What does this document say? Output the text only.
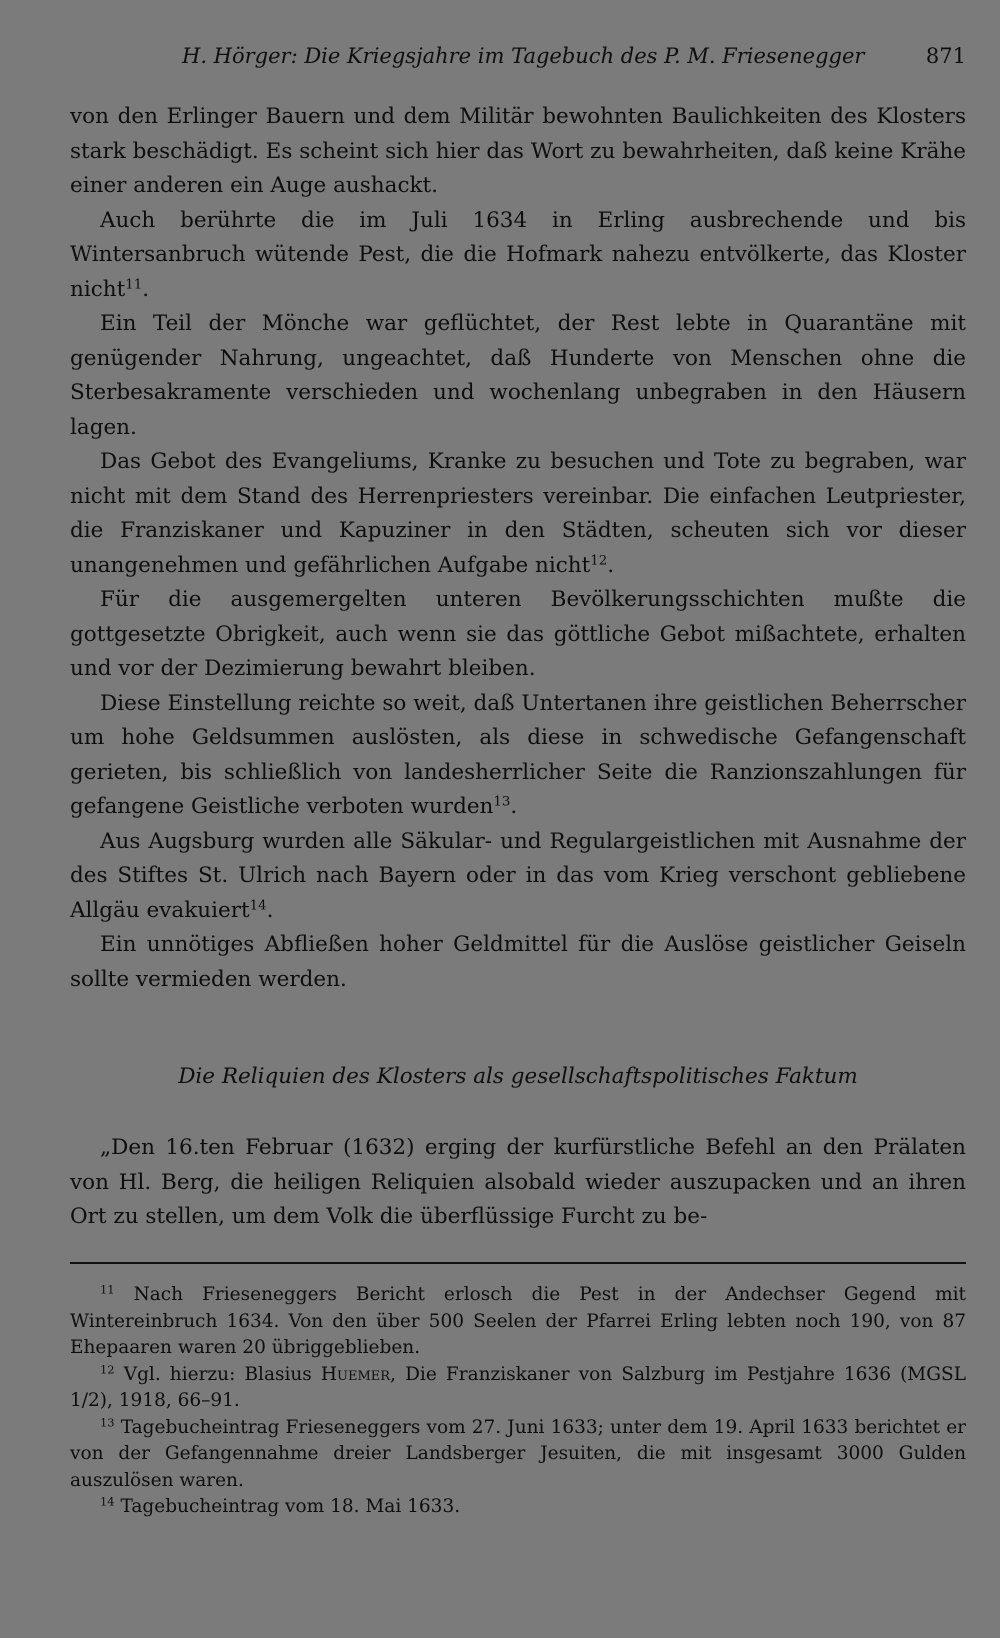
H. Hörger: Die Kriegsjahre im Tagebuch des P. M. Friesenegger	871

von den Erlinger Bauern und dem Militär bewohnten Baulichkeiten des Klosters stark beschädigt. Es scheint sich hier das Wort zu bewahrheiten, daß keine Krähe einer anderen ein Auge aushackt.

Auch berührte die im Juli 1634 in Erling ausbrechende und bis Wintersanbruch wütende Pest, die die Hofmark nahezu entvölkerte, das Kloster nicht$^{11}$.

Ein Teil der Mönche war geflüchtet, der Rest lebte in Quarantäne mit genügender Nahrung, ungeachtet, daß Hunderte von Menschen ohne die Sterbesakramente verschieden und wochenlang unbegraben in den Häusern lagen.

Das Gebot des Evangeliums, Kranke zu besuchen und Tote zu begraben, war nicht mit dem Stand des Herrenpriesters vereinbar. Die einfachen Leutpriester, die Franziskaner und Kapuziner in den Städten, scheuten sich vor dieser unangenehmen und gefährlichen Aufgabe nicht$^{12}$.

Für die ausgemergelten unteren Bevölkerungsschichten mußte die gottgesetzte Obrigkeit, auch wenn sie das göttliche Gebot mißachtete, erhalten und vor der Dezimierung bewahrt bleiben.

Diese Einstellung reichte so weit, daß Untertanen ihre geistlichen Beherrscher um hohe Geldsummen auslösten, als diese in schwedische Gefangenschaft gerieten, bis schließlich von landesherrlicher Seite die Ranzionszahlungen für gefangene Geistliche verboten wurden$^{13}$.

Aus Augsburg wurden alle Säkular- und Regulargeistlichen mit Ausnahme der des Stiftes St. Ulrich nach Bayern oder in das vom Krieg verschont gebliebene Allgäu evakuiert$^{14}$.

Ein unnötiges Abfließen hoher Geldmittel für die Auslöse geistlicher Geiseln sollte vermieden werden.

Die Reliquien des Klosters als gesellschaftspolitisches Faktum

„Den 16.ten Februar (1632) erging der kurfürstliche Befehl an den Prälaten von Hl. Berg, die heiligen Reliquien alsobald wieder auszupacken und an ihren Ort zu stellen, um dem Volk die überflüssige Furcht zu be-

$^{11}$ Nach Frieseneggers Bericht erlosch die Pest in der Andechser Gegend mit Wintereinbruch 1634. Von den über 500 Seelen der Pfarrei Erling lebten noch 190, von 87 Ehepaaren waren 20 übriggeblieben.

$^{12}$ Vgl. hierzu: Blasius Huemer, Die Franziskaner von Salzburg im Pestjahre 1636 (MGSL 1/2), 1918, 66–91.

$^{13}$ Tagebucheintrag Frieseneggers vom 27. Juni 1633; unter dem 19. April 1633 berichtet er von der Gefangennahme dreier Landsberger Jesuiten, die mit insgesamt 3000 Gulden auszulösen waren.

$^{14}$ Tagebucheintrag vom 18. Mai 1633.
